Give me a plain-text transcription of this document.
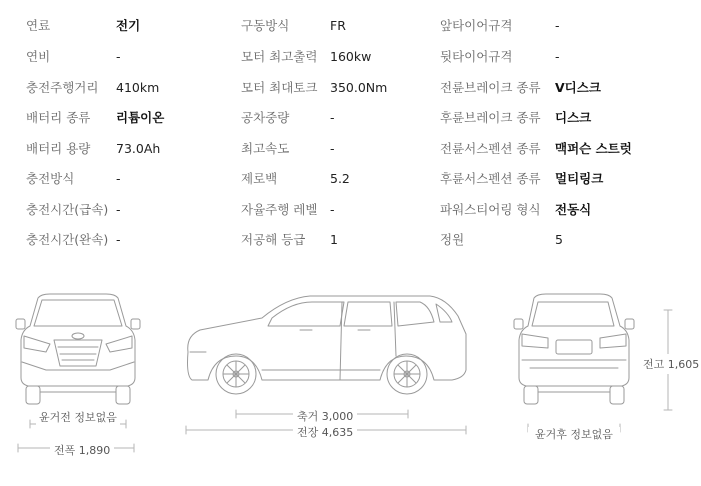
연료	전기
연비	-
충전주행거리 410km
배터리 종류 리튬이온
배터리 용량 73.0Ah
충전방식	-
충전시간(급속) -
충전시간(완속) -
구동방식	FR
모터 최고출력 160kw
모터 최대토크 350.0Nm
공차중량	-
최고속도	-
제로백	5.2
자율주행 레벨 -
저공해 등급 1
앞타이어규격	-
뒷타이어규격	-
전륜브레이크 종류 V디스크
후륜브레이크 종류 디스크
전륜서스펜션 종류 맥퍼슨 스트럿
후륜서스펜션 종류 멀티링크
파워스티어링 형식 전동식
정원	5
윤거전 정보없음
전폭 1,890
축거 3,000
전장 4,635
전고 1,605
윤거후 정보없음
